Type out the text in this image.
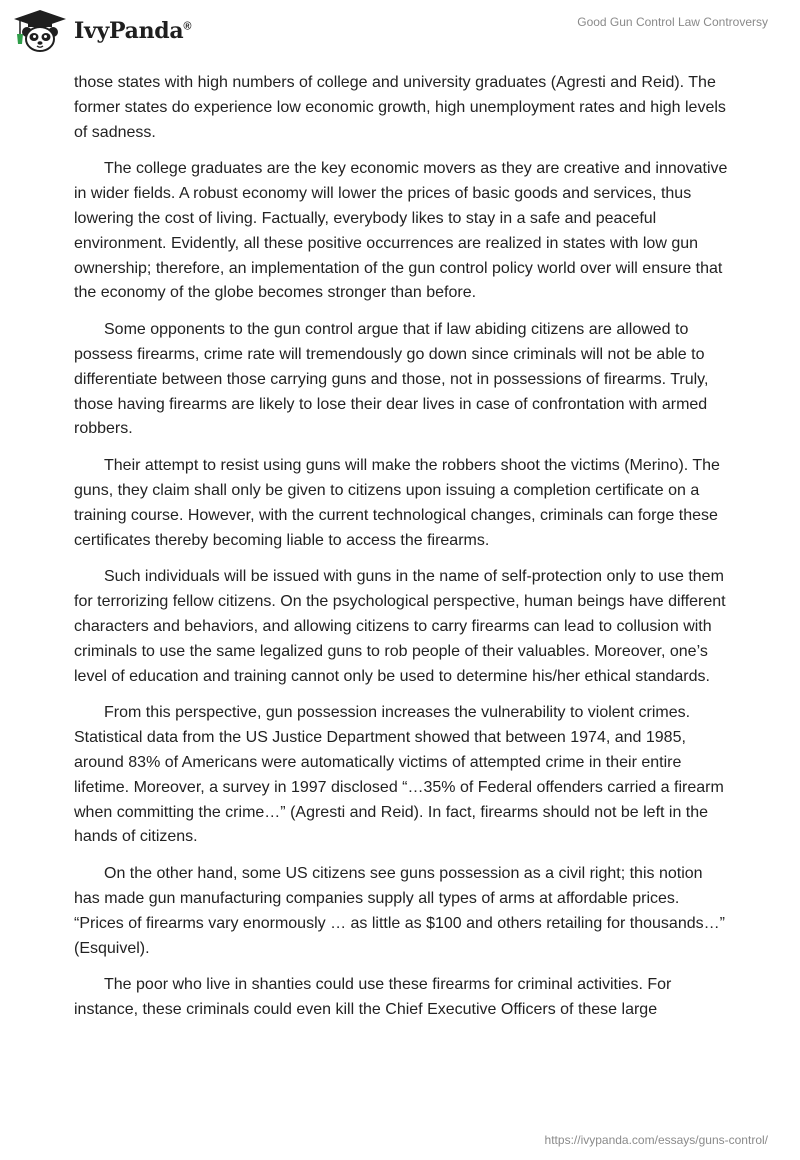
IvyPanda®	Good Gun Control Law Controversy

those states with high numbers of college and university graduates (Agresti and Reid). The former states do experience low economic growth, high unemployment rates and high levels of sadness.

The college graduates are the key economic movers as they are creative and innovative in wider fields. A robust economy will lower the prices of basic goods and services, thus lowering the cost of living. Factually, everybody likes to stay in a safe and peaceful environment. Evidently, all these positive occurrences are realized in states with low gun ownership; therefore, an implementation of the gun control policy world over will ensure that the economy of the globe becomes stronger than before.

Some opponents to the gun control argue that if law abiding citizens are allowed to possess firearms, crime rate will tremendously go down since criminals will not be able to differentiate between those carrying guns and those, not in possessions of firearms. Truly, those having firearms are likely to lose their dear lives in case of confrontation with armed robbers.

Their attempt to resist using guns will make the robbers shoot the victims (Merino). The guns, they claim shall only be given to citizens upon issuing a completion certificate on a training course. However, with the current technological changes, criminals can forge these certificates thereby becoming liable to access the firearms.

Such individuals will be issued with guns in the name of self-protection only to use them for terrorizing fellow citizens. On the psychological perspective, human beings have different characters and behaviors, and allowing citizens to carry firearms can lead to collusion with criminals to use the same legalized guns to rob people of their valuables. Moreover, one’s level of education and training cannot only be used to determine his/her ethical standards.

From this perspective, gun possession increases the vulnerability to violent crimes. Statistical data from the US Justice Department showed that between 1974, and 1985, around 83% of Americans were automatically victims of attempted crime in their entire lifetime. Moreover, a survey in 1997 disclosed “…35% of Federal offenders carried a firearm when committing the crime…” (Agresti and Reid). In fact, firearms should not be left in the hands of citizens.

On the other hand, some US citizens see guns possession as a civil right; this notion has made gun manufacturing companies supply all types of arms at affordable prices. “Prices of firearms vary enormously … as little as $100 and others retailing for thousands…” (Esquivel).

The poor who live in shanties could use these firearms for criminal activities. For instance, these criminals could even kill the Chief Executive Officers of these large

https://ivypanda.com/essays/guns-control/
